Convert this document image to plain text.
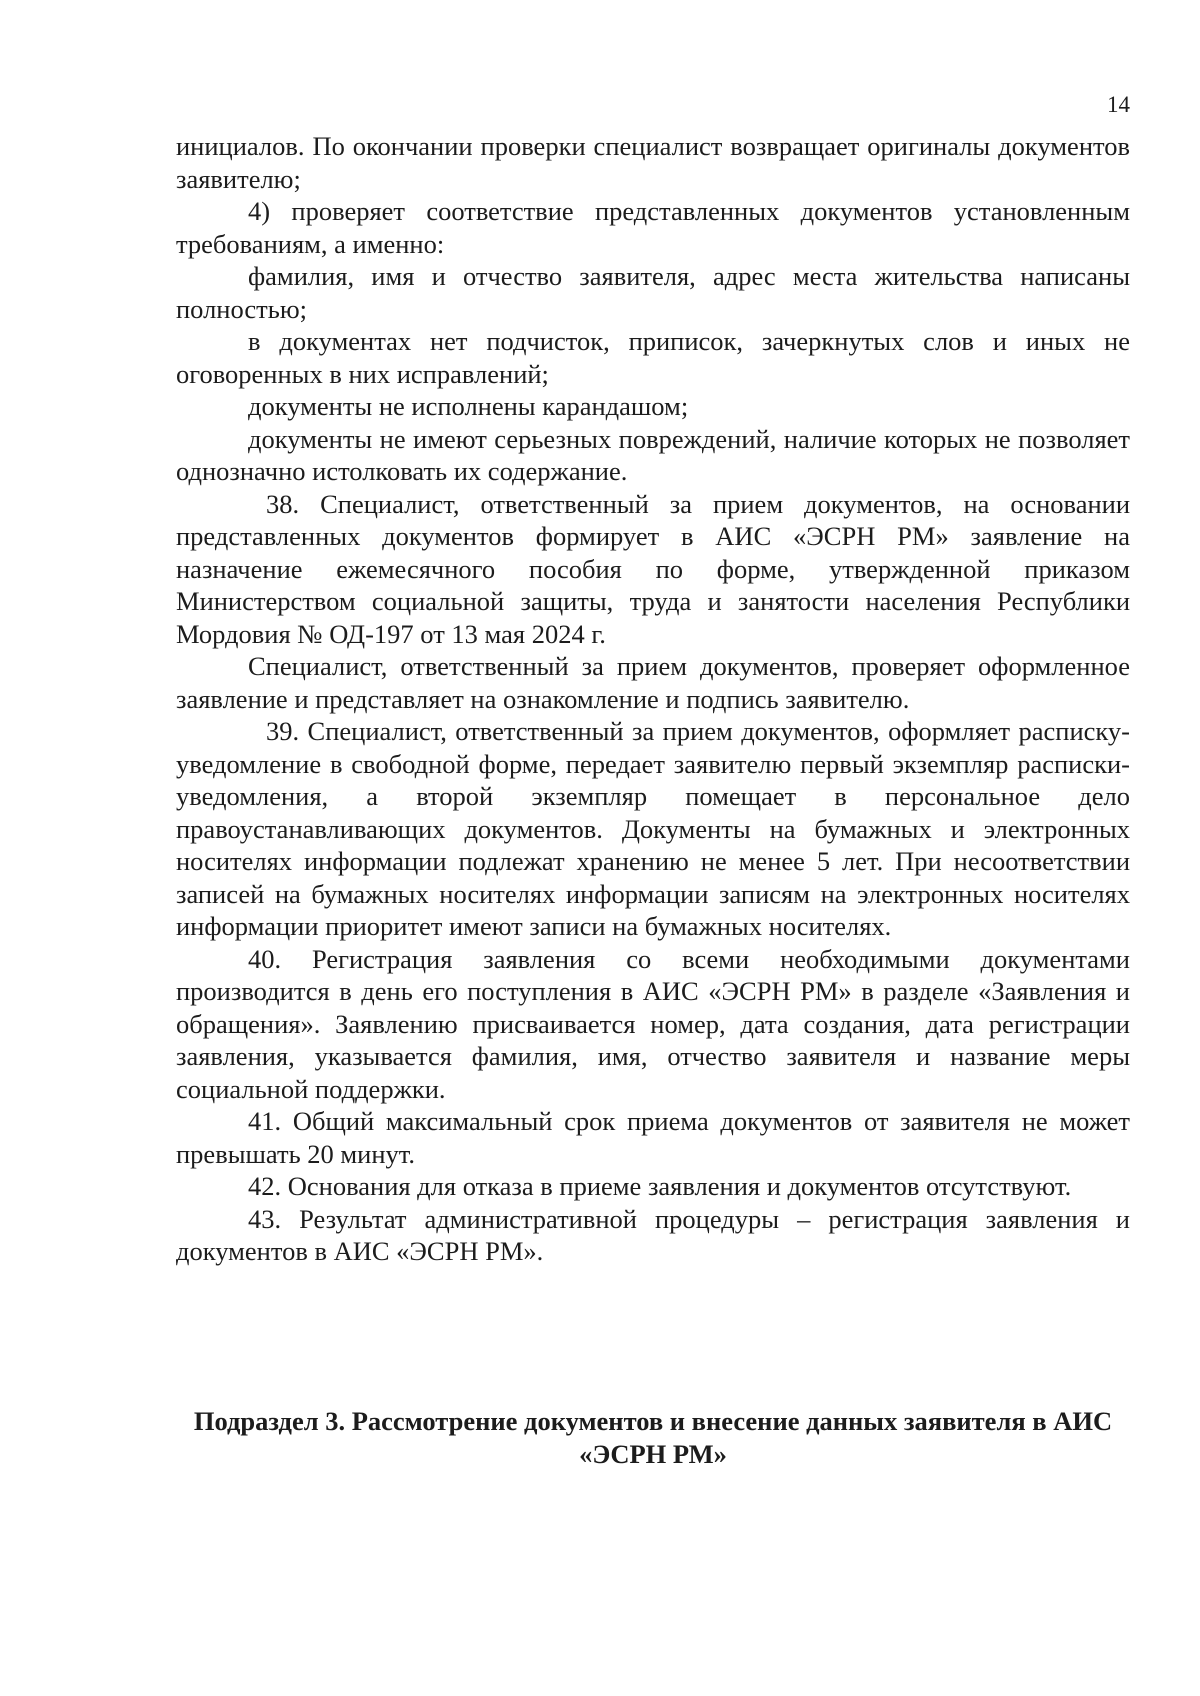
14

инициалов. По окончании проверки специалист возвращает оригиналы документов заявителю;

4) проверяет соответствие представленных документов установленным требованиям, а именно:

фамилия, имя и отчество заявителя, адрес места жительства написаны полностью;

в документах нет подчисток, приписок, зачеркнутых слов и иных не оговоренных в них исправлений;

документы не исполнены карандашом;

документы не имеют серьезных повреждений, наличие которых не позволяет однозначно истолковать их содержание.

38. Специалист, ответственный за прием документов, на основании представленных документов формирует в АИС «ЭСРН РМ» заявление на назначение ежемесячного пособия по форме, утвержденной приказом Министерством социальной защиты, труда и занятости населения Республики Мордовия № ОД-197 от 13 мая 2024 г.

Специалист, ответственный за прием документов, проверяет оформленное заявление и представляет на ознакомление и подпись заявителю.

39. Специалист, ответственный за прием документов, оформляет расписку-уведомление в свободной форме, передает заявителю первый экземпляр расписки-уведомления, а второй экземпляр помещает в персональное дело правоустанавливающих документов. Документы на бумажных и электронных носителях информации подлежат хранению не менее 5 лет. При несоответствии записей на бумажных носителях информации записям на электронных носителях информации приоритет имеют записи на бумажных носителях.

40. Регистрация заявления со всеми необходимыми документами производится в день его поступления в АИС «ЭСРН РМ» в разделе «Заявления и обращения». Заявлению присваивается номер, дата создания, дата регистрации заявления, указывается фамилия, имя, отчество заявителя и название меры социальной поддержки.

41. Общий максимальный срок приема документов от заявителя не может превышать 20 минут.

42. Основания для отказа в приеме заявления и документов отсутствуют.

43. Результат административной процедуры – регистрация заявления и документов в АИС «ЭСРН РМ».

Подраздел 3. Рассмотрение документов и внесение данных заявителя в АИС «ЭСРН РМ»
